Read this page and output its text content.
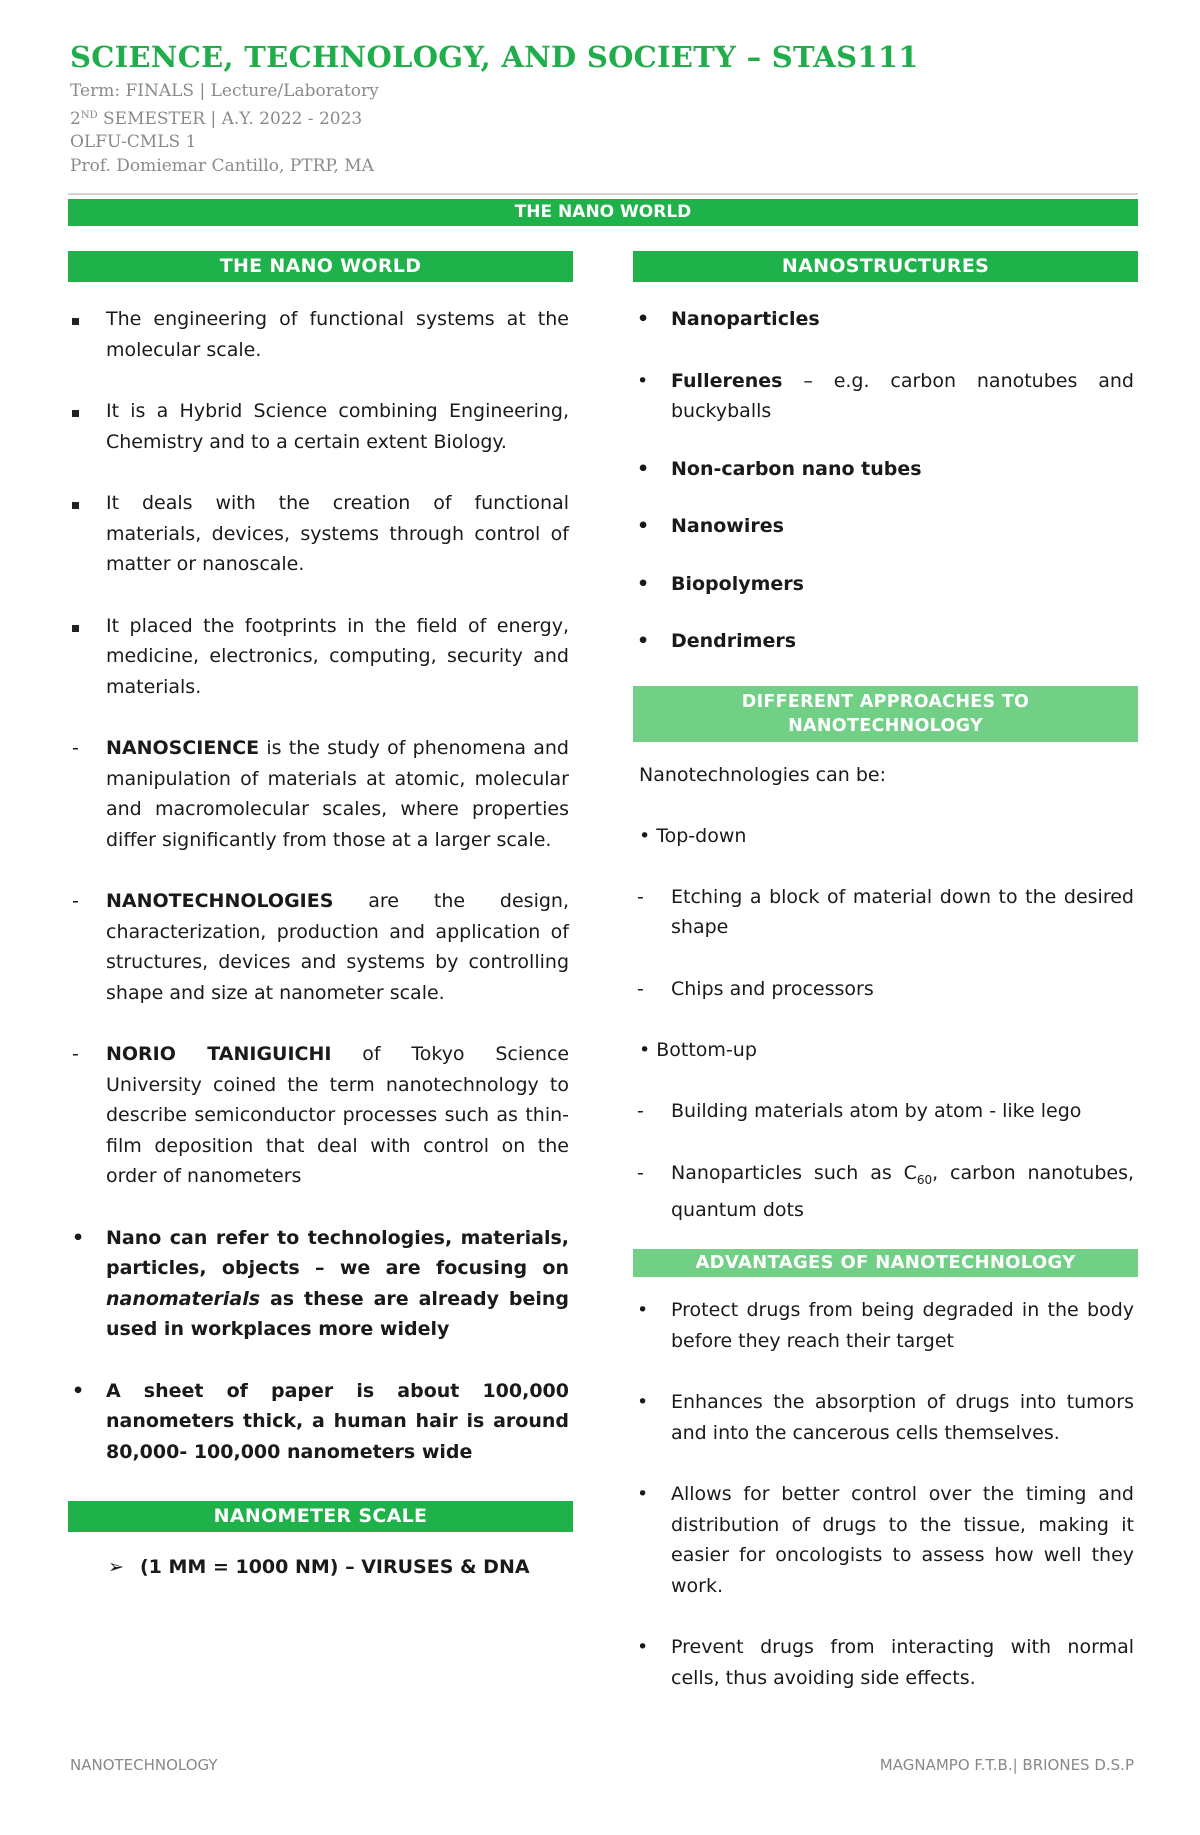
SCIENCE, TECHNOLOGY, AND SOCIETY – STAS111
Term: FINALS | Lecture/Laboratory
2ND SEMESTER | A.Y. 2022 - 2023
OLFU-CMLS 1
Prof. Domiemar Cantillo, PTRP, MA
THE NANO WORLD
THE NANO WORLD
The engineering of functional systems at the molecular scale.
It is a Hybrid Science combining Engineering, Chemistry and to a certain extent Biology.
It deals with the creation of functional materials, devices, systems through control of matter or nanoscale.
It placed the footprints in the field of energy, medicine, electronics, computing, security and materials.
-	NANOSCIENCE is the study of phenomena and manipulation of materials at atomic, molecular and macromolecular scales, where properties differ significantly from those at a larger scale.
-	NANOTECHNOLOGIES are the design, characterization, production and application of structures, devices and systems by controlling shape and size at nanometer scale.
-	NORIO TANIGUICHI of Tokyo Science University coined the term nanotechnology to describe semiconductor processes such as thin-film deposition that deal with control on the order of nanometers
•	Nano can refer to technologies, materials, particles, objects – we are focusing on nanomaterials as these are already being used in workplaces more widely
•	A sheet of paper is about 100,000 nanometers thick, a human hair is around 80,000- 100,000 nanometers wide
NANOMETER SCALE
➢ (1 MM = 1000 NM) – VIRUSES & DNA
NANOSTRUCTURES
•	Nanoparticles
•	Fullerenes – e.g. carbon nanotubes and buckyballs
•	Non-carbon nano tubes
•	Nanowires
•	Biopolymers
•	Dendrimers
DIFFERENT APPROACHES TO
NANOTECHNOLOGY
Nanotechnologies can be:
• Top-down
-	Etching a block of material down to the desired shape
-	Chips and processors
• Bottom-up
-	Building materials atom by atom - like lego
-	Nanoparticles such as $C_{60}$, carbon nanotubes, quantum dots
ADVANTAGES OF NANOTECHNOLOGY
•	Protect drugs from being degraded in the body before they reach their target
•	Enhances the absorption of drugs into tumors and into the cancerous cells themselves.
•	Allows for better control over the timing and distribution of drugs to the tissue, making it easier for oncologists to assess how well they work.
•	Prevent drugs from interacting with normal cells, thus avoiding side effects.
NANOTECHNOLOGY	MAGNAMPO F.T.B.| BRIONES D.S.P
